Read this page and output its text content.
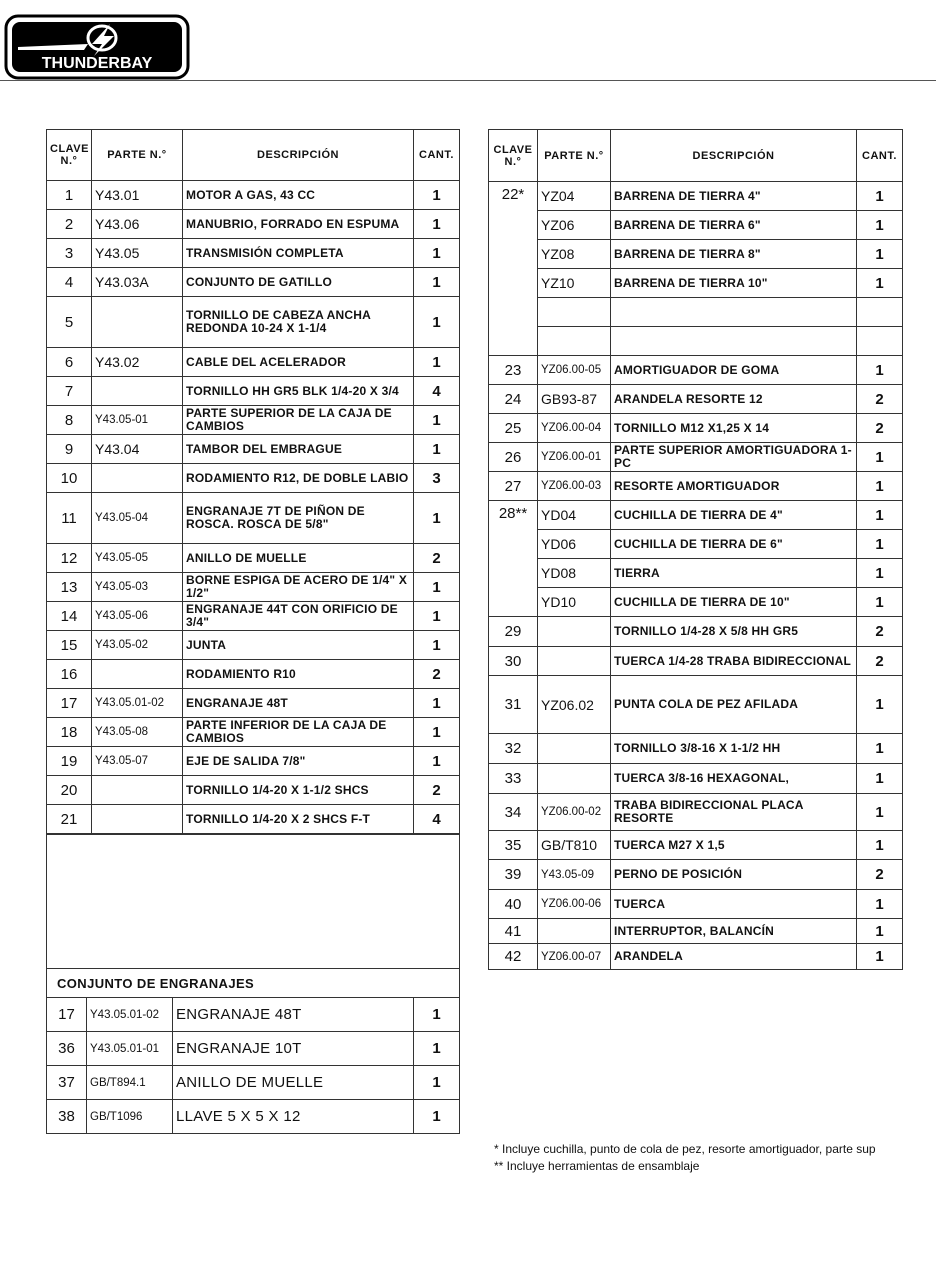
THUNDERBAY
CLAVE
N.°	PARTE N.°	DESCRIPCIÓN	CANT.
1	Y43.01	MOTOR A GAS, 43 CC	1
2	Y43.06	MANUBRIO, FORRADO EN ESPUMA	1
3	Y43.05	TRANSMISIÓN COMPLETA	1
4	Y43.03A	CONJUNTO DE GATILLO	1
5		TORNILLO DE CABEZA ANCHA REDONDA 10-24 X 1-1/4	1
6	Y43.02	CABLE DEL ACELERADOR	1
7		TORNILLO HH GR5 BLK 1/4-20 X 3/4	4
8	Y43.05-01	PARTE SUPERIOR DE LA CAJA DE CAMBIOS	1
9	Y43.04	TAMBOR DEL EMBRAGUE	1
10		RODAMIENTO R12, DE DOBLE LABIO	3
11	Y43.05-04	ENGRANAJE 7T DE PIÑON DE ROSCA. ROSCA DE 5/8"	1
12	Y43.05-05	ANILLO DE MUELLE	2
13	Y43.05-03	BORNE ESPIGA DE ACERO DE 1/4" X 1/2"	1
14	Y43.05-06	ENGRANAJE 44T CON ORIFICIO DE 3/4"	1
15	Y43.05-02	JUNTA	1
16		RODAMIENTO R10	2
17	Y43.05.01-02	ENGRANAJE 48T	1
18	Y43.05-08	PARTE INFERIOR DE LA CAJA DE CAMBIOS	1
19	Y43.05-07	EJE DE SALIDA 7/8"	1
20		TORNILLO 1/4-20 X 1-1/2 SHCS	2
21		TORNILLO 1/4-20 X 2 SHCS F-T	4

CONJUNTO DE ENGRANAJES			
17	Y43.05.01-02	ENGRANAJE 48T	1
36	Y43.05.01-01	ENGRANAJE 10T	1
37	GB/T894.1	ANILLO DE MUELLE	1
38	GB/T1096	LLAVE 5 X 5 X 12	1
CLAVE
N.°	PARTE N.°	DESCRIPCIÓN	CANT.
22*	YZ04	BARRENA DE TIERRA 4"	1
	YZ06	BARRENA DE TIERRA 6"	1
	YZ08	BARRENA DE TIERRA 8"	1
	YZ10	BARRENA DE TIERRA 10"	1

23	YZ06.00-05	AMORTIGUADOR DE GOMA	1
24	GB93-87	ARANDELA RESORTE 12	2
25	YZ06.00-04	TORNILLO M12 X1,25 X 14	2
26	YZ06.00-01	PARTE SUPERIOR AMORTIGUADORA 1-PC	1
27	YZ06.00-03	RESORTE AMORTIGUADOR	1
28**	YD04	CUCHILLA DE TIERRA DE 4"	1
	YD06	CUCHILLA DE TIERRA DE 6"	1
	YD08	TIERRA	1
	YD10	CUCHILLA DE TIERRA DE 10"	1
29		TORNILLO 1/4-28 X 5/8 HH GR5	2
30		TUERCA 1/4-28 TRABA BIDIRECCIONAL	2
31	YZ06.02	PUNTA COLA DE PEZ AFILADA	1
32		TORNILLO 3/8-16 X 1-1/2 HH	1
33		TUERCA 3/8-16 HEXAGONAL,	1
34	YZ06.00-02	TRABA BIDIRECCIONAL PLACA RESORTE	1
35	GB/T810	TUERCA M27 X 1,5	1
39	Y43.05-09	PERNO DE POSICIÓN	2
40	YZ06.00-06	TUERCA	1
41		INTERRUPTOR, BALANCÍN	1
42	YZ06.00-07	ARANDELA	1
* Incluye cuchilla, punto de cola de pez, resorte amortiguador, parte sup
** Incluye herramientas de ensamblaje
